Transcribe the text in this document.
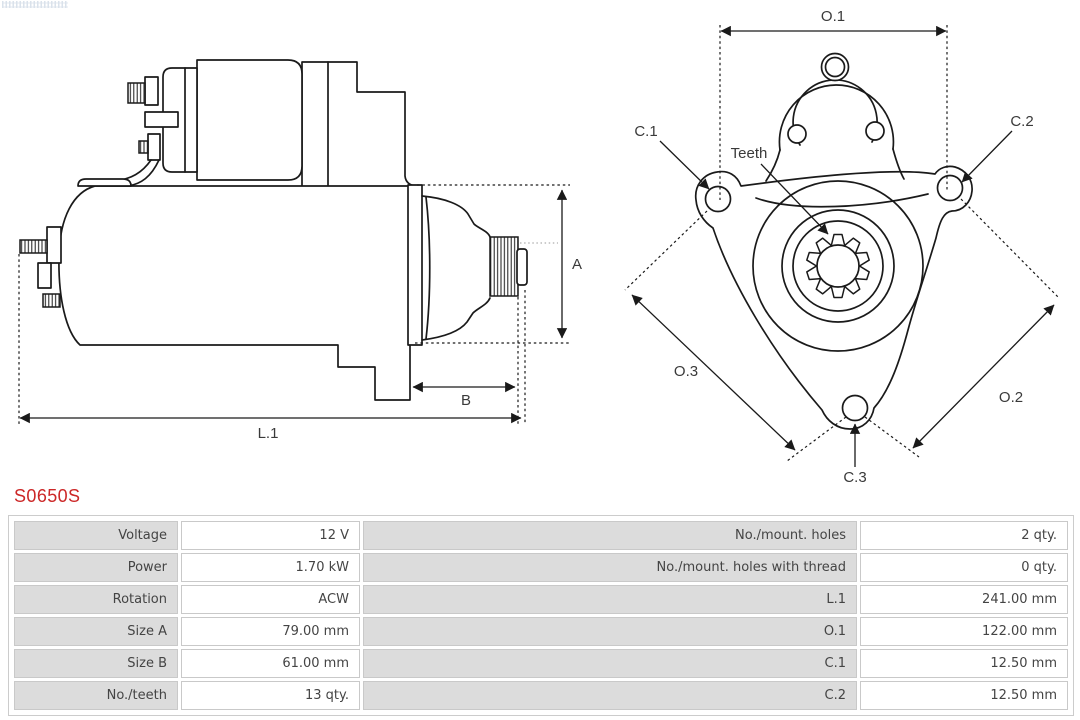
A
B
L.1
O.1
O.3
O.2
C.1
C.2
C.3
Teeth
S0650S
Voltage	12 V	No./mount. holes	2 qty.
Power	1.70 kW	No./mount. holes with thread	0 qty.
Rotation	ACW	L.1	241.00 mm
Size A	79.00 mm	O.1	122.00 mm
Size B	61.00 mm	C.1	12.50 mm
No./teeth	13 qty.	C.2	12.50 mm
